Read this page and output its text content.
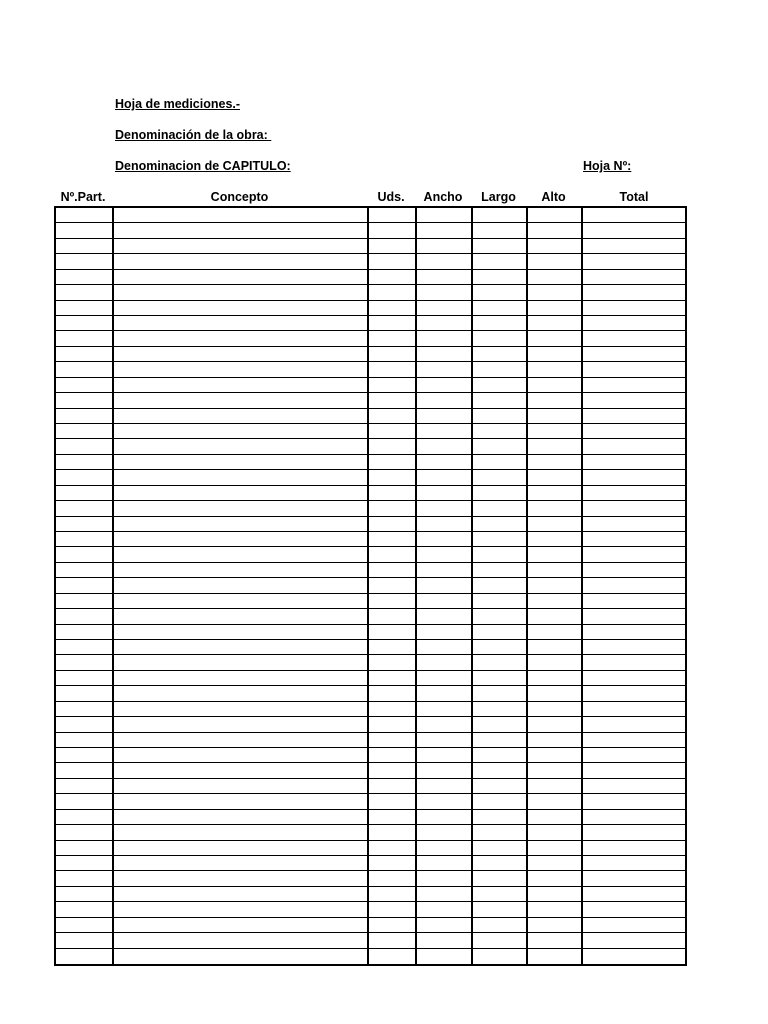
Hoja de mediciones.-
Denominación de la obra:
Denominacion de CAPITULO:	Hoja Nº:
Nº.Part.	Concepto	Uds.	Ancho	Largo	Alto	Total
